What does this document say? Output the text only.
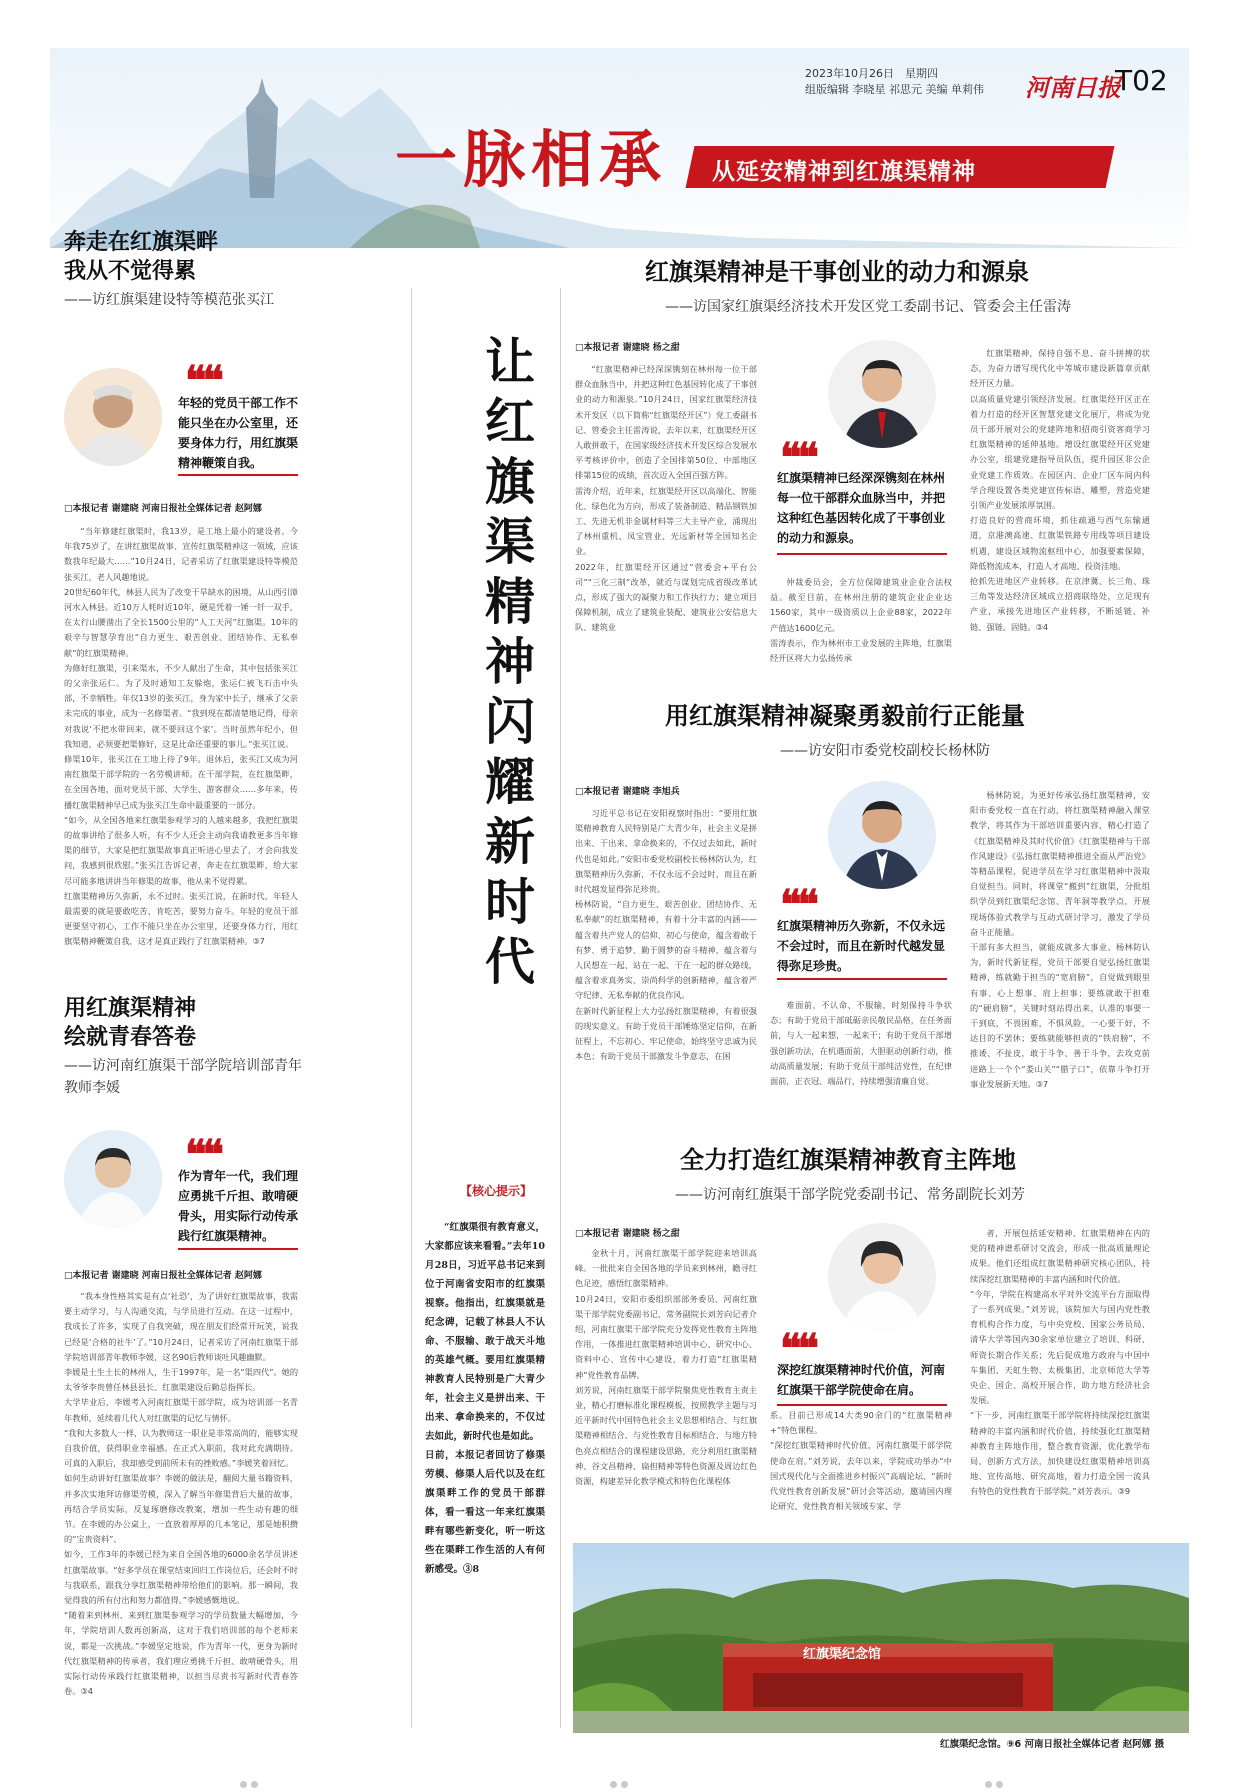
一脉相承 从延安精神到红旗渠精神
2023年10月26日　星期四
组版编辑 李晓星 祁思元 美编 单莉伟 河南日报
T02
奔走在红旗渠畔
我从不觉得累
——访红旗渠建设特等模范张买江
❝❝
年轻的党员干部工作不能只坐在办公室里，还要身体力行，用红旗渠精神鞭策自我。
□本报记者 谢建晓 河南日报社全媒体记者 赵阿娜
“当年修建红旗渠时，我13岁，是工地上最小的建设者。今年我75岁了，在讲红旗渠故事、宣传红旗渠精神这一领域，应该数我年纪最大……”10月24日，记者采访了红旗渠建设特等模范张买江，老人风趣地说。
20世纪60年代，林县人民为了改变干旱缺水的困境，从山西引漳河水入林县。近10万人耗时近10年，硬是凭着一锤一钎一双手，在太行山腰凿出了全长1500公里的“人工天河”红旗渠。10年的艰辛与智慧孕育出“自力更生、艰苦创业、团结协作、无私奉献”的红旗渠精神。
为修好红旗渠，引来渠水，不少人献出了生命，其中包括张买江的父亲张运仁。为了及时通知工友躲炮，张运仁被飞石击中头部，不幸牺牲。年仅13岁的张买江，身为家中长子，继承了父亲未完成的事业，成为一名修渠者。“我到现在都清楚地记得，母亲对我说‘不把水带回来，就不要回这个家’。当时虽然年纪小，但我知道，必须要把渠修好，这是比命还重要的事儿。”张买江说。
修渠10年，张买江在工地上待了9年。退休后，张买江又成为河南红旗渠干部学院的一名劳模讲师。在干部学院，在红旗渠畔，在全国各地，面对党员干部、大学生、游客群众……多年来，传播红旗渠精神早已成为张买江生命中最重要的一部分。
“如今，从全国各地来红旗渠参观学习的人越来越多，我把红旗渠的故事讲给了很多人听，有不少人还会主动向我请教更多当年修渠的细节，大家是把红旗渠故事真正听进心里去了，才会向我发问，我感到很欣慰。”张买江告诉记者，奔走在红旗渠畔，给大家尽可能多地讲讲当年修渠的故事，他从来不觉得累。
红旗渠精神历久弥新，永不过时。张买江说，在新时代，年轻人最需要的就是要敢吃苦、肯吃苦，要努力奋斗。年轻的党员干部更要坚守初心，工作不能只坐在办公室里，还要身体力行，用红旗渠精神鞭策自我，这才是真正践行了红旗渠精神。③7
用红旗渠精神
绘就青春答卷
——访河南红旗渠干部学院培训部青年教师李媛
❝❝
作为青年一代，我们理应勇挑千斤担、敢啃硬骨头，用实际行动传承践行红旗渠精神。
□本报记者 谢建晓 河南日报社全媒体记者 赵阿娜
“我本身性格其实是有点‘社恐’，为了讲好红旗渠故事，我需要主动学习，与人沟通交流，与学员进行互动。在这一过程中，我成长了许多，实现了自我突破，现在朋友们经常开玩笑，说我已经是‘合格的社牛’了。”10月24日，记者采访了河南红旗渠干部学院培训部青年教师李媛，这名90后教师谈吐风趣幽默。
李媛是土生土长的林州人，生于1997年，是一名“渠四代”。她的太爷爷李贵曾任林县县长、红旗渠建设后勤总指挥长。
大学毕业后，李媛考入河南红旗渠干部学院，成为培训部一名青年教师，延续着几代人对红旗渠的记忆与情怀。
“我和大多数人一样，认为教师这一职业是非常高尚的，能够实现自我价值，获得职业幸福感。在正式入职前，我对此充满期待。可真的入职后，我却感受到前所未有的挫败感。”李媛笑着回忆。
如何生动讲好红旗渠故事？李媛的做法是，翻阅大量书籍资料，并多次实地拜访修渠劳模，深入了解当年修渠背后大量的故事，再结合学员实际，反复琢磨修改教案，增加一些生动有趣的细节。在李媛的办公桌上，一直放着厚厚的几本笔记，那是她积攒的“宝贵资料”。
如今，工作3年的李媛已经为来自全国各地的6000余名学员讲述红旗渠故事。“好多学员在课堂结束回归工作岗位后，还会时不时与我联系，跟我分享红旗渠精神带给他们的影响。那一瞬间，我觉得我的所有付出和努力都值得。”李媛感慨地说。
“随着来到林州、来到红旗渠参观学习的学员数量大幅增加，今年，学院培训人数再创新高，这对于我们培训部的每个老师来说，都是一次挑战。”李媛坚定地说，作为青年一代，更身为新时代红旗渠精神的传承者，我们理应勇挑千斤担、敢啃硬骨头，用实际行动传承践行红旗渠精神，以担当尽责书写新时代青春答卷。③4
让红旗渠精神闪耀新时代
【核心提示】
“红旗渠很有教育意义，大家都应该来看看。”去年10月28日，习近平总书记来到位于河南省安阳市的红旗渠视察。他指出，红旗渠就是纪念碑，记载了林县人不认命、不服输、敢于战天斗地的英雄气概。要用红旗渠精神教育人民特别是广大青少年，社会主义是拼出来、干出来、拿命换来的，不仅过去如此，新时代也是如此。
日前，本报记者回访了修渠劳模、修渠人后代以及在红旗渠畔工作的党员干部群体，看一看这一年来红旗渠畔有哪些新变化，听一听这些在渠畔工作生活的人有何新感受。③8
红旗渠精神是干事创业的动力和源泉
——访国家红旗渠经济技术开发区党工委副书记、管委会主任雷涛
□本报记者 谢建晓 杨之甜
“红旗渠精神已经深深镌刻在林州每一位干部群众血脉当中，并把这种红色基因转化成了干事创业的动力和源泉。”10月24日，国家红旗渠经济技术开发区（以下简称“红旗渠经开区”）党工委副书记、管委会主任雷涛说，去年以来，红旗渠经开区人敢拼敢干，在国家级经济技术开发区综合发展水平考核评价中，创造了全国排第50位、中部地区排第15位的成绩，首次迈入全国百强方阵。
雷涛介绍，近年来，红旗渠经开区以高端化、智能化、绿色化为方向，形成了装备制造、精品钢铁加工、先进无机非金属材料等三大主导产业，涌现出了林州重机、凤宝管业、光远新材等全国知名企业。
2022年，红旗渠经开区通过“营委会+平台公司”“三化三制”改革，就近与谋划完成省级改革试点，形成了强大的凝聚力和工作执行力；建立项目保障机制，成立了建筑业装配、建筑业公安信息大队、建筑业
❝❝
红旗渠精神已经深深镌刻在林州每一位干部群众血脉当中，并把这种红色基因转化成了干事创业的动力和源泉。
仲裁委员会，全方位保障建筑业企业合法权益。截至目前，在林州注册的建筑企业企业达1560家，其中一级资质以上企业88家，2022年产值达1600亿元。
雷涛表示，作为林州市工业发展的主阵地，红旗渠经开区将大力弘扬传承
红旗渠精神，保持自强不息、奋斗拼搏的状态，为奋力谱写现代化中等城市建设新篇章贡献经开区力量。
以高质量党建引领经济发展。红旗渠经开区正在着力打造的经开区智慧党建文化展厅，将成为党员干部开展对公的党建阵地和招商引资客商学习红旗渠精神的延伸基地。增设红旗渠经开区党建办公室，组建党建指导员队伍，提升园区非公企业党建工作质效。在园区内、企业厂区车间内科学合理设置各类党建宣传标语、雕塑，营造党建引领产业发展浓厚氛围。
打造良好的营商环境，抓住疏通与西气东输通道，京港澳高速、红旗渠铁路专用线等项目建设机遇，建设区域物流枢纽中心，加强要素保障，降低物流成本，打造人才高地、投资洼地。
抢抓先进地区产业转移。在京津冀、长三角、珠三角等发达经济区域成立招商联络处，立足现有产业，承接先进地区产业转移，不断延链、补链、强链、固链。③4
用红旗渠精神凝聚勇毅前行正能量
——访安阳市委党校副校长杨林防
□本报记者 谢建晓 李旭兵
习近平总书记在安阳视察时指出：“要用红旗渠精神教育人民特别是广大青少年，社会主义是拼出来、干出来、拿命换来的，不仅过去如此，新时代也是如此。”安阳市委党校副校长杨林防认为，红旗渠精神历久弥新，不仅永远不会过时，而且在新时代越发显得弥足珍贵。
杨林防说，“自力更生、艰苦创业、团结协作、无私奉献”的红旗渠精神，有着十分丰富的内涵——蕴含着共产党人的信仰、初心与使命，蕴含着敢于有梦、勇于追梦、勤于圆梦的奋斗精神，蕴含着与人民想在一起、站在一起、干在一起的群众路线，蕴含着求真务实、崇尚科学的创新精神，蕴含着严守纪律、无私奉献的优良作风。
在新时代新征程上大力弘扬红旗渠精神，有着很强的现实意义。有助于党员干部锤炼坚定信仰，在新征程上，不忘初心、牢记使命，始终坚守忠诚为民本色；有助于党员干部激发斗争意志，在困
❝❝
红旗渠精神历久弥新，不仅永远不会过时，而且在新时代越发显得弥足珍贵。
难面前，不认命、不服输，时刻保持斗争状态；有助于党员干部砥砺亲民敬民品格，在任务面前，与人一起来想，一起来干；有助于党员干部增强创新功法，在机遇面前，大胆驱动创新行动，推动高质量发展；有助于党员干部纯洁党性，在纪律面前，正衣冠、端品行，持续增强清廉自觉。
杨林防说，为更好传承弘扬红旗渠精神，安阳市委党校一直在行动，将红旗渠精神融入课堂教学，将其作为干部培训重要内容，精心打造了《红旗渠精神及其时代价值》《红旗渠精神与干部作风建设》《弘扬红旗渠精神推进全面从严治党》等精品课程，促进学员在学习红旗渠精神中汲取自觉担当。同时，将课堂“搬到”红旗渠，分批组织学员到红旗渠纪念馆、青年洞等教学点，开展现场体验式教学与互动式研讨学习，激发了学员奋斗正能量。
干部有多大担当，就能成就多大事业。杨林防认为，新时代新征程，党员干部要自觉弘扬红旗渠精神，练就勤于担当的“宽肩膀”，自觉做到眼里有事、心上想事、肩上担事；要练就敢于担难的“硬肩膀”，关键时刻站得出来，认准的事要一干到底，不畏困难，不惧风险，一心要干好，不达目的不罢休；要练就能够担责的“铁肩膀”，不推诿、不扯皮，敢于斗争、善于斗争，去攻克前进路上一个个“娄山关”“腊子口”，依靠斗争打开事业发展新天地。③7
全力打造红旗渠精神教育主阵地
——访河南红旗渠干部学院党委副书记、常务副院长刘芳
□本报记者 谢建晓 杨之甜
金秋十月，河南红旗渠干部学院迎来培训高峰。一批批来自全国各地的学员来到林州，瞻寻红色足迹，感悟红旗渠精神。
10月24日，安阳市委组织部部务委员、河南红旗渠干部学院党委副书记、常务副院长刘芳向记者介绍，河南红旗渠干部学院充分发挥党性教育主阵地作用，一体推进红旗渠精神培训中心、研究中心、资料中心、宣传中心建设，着力打造“红旗渠精神”党性教育品牌。
刘芳说，河南红旗渠干部学院聚焦党性教育主责主业，精心打磨标准化课程模板，按照教学主题与习近平新时代中国特色社会主义思想相结合、与红旗渠精神相结合、与党性教育目标相结合、与地方特色亮点相结合的课程建设思路，充分利用红旗渠精神、谷文昌精神、扁担精神等特色资源及周边红色资源，构建差异化教学模式和特色化课程体
❝❝
深挖红旗渠精神时代价值，河南红旗渠干部学院使命在肩。
系。目前已形成14大类90余门的“红旗渠精神+”特色课程。
“深挖红旗渠精神时代价值，河南红旗渠干部学院使命在肩。”刘芳说，去年以来，学院成功举办“中国式现代化与全面推进乡村振兴”高端论坛、“新时代党性教育创新发展”研讨会等活动，邀请国内理论研究、党性教育相关领域专家、学
者，开展包括延安精神、红旗渠精神在内的党的精神谱系研讨交流会，形成一批高质量理论成果。他们还组成红旗渠精神研究核心团队，持续深挖红旗渠精神的丰富内涵和时代价值。
“今年，学院在构建高水平对外交流平台方面取得了一系列成果。”刘芳说，该院加大与国内党性教育机构合作力度，与中央党校、国家公务员局、清华大学等国内30余家单位建立了培训、科研、师资长期合作关系；先后促成地方政府与中国中车集团、天虹生物、太极集团、北京师范大学等央企、国企、高校开展合作，助力地方经济社会发展。
“下一步，河南红旗渠干部学院将持续深挖红旗渠精神的丰富内涵和时代价值，持续强化红旗渠精神教育主阵地作用，整合教育资源，优化教学布局，创新方式方法，加快建设红旗渠精神培训高地、宣传高地、研究高地，着力打造全国一流具有特色的党性教育干部学院。”刘芳表示。③9
红旗渠纪念馆
红旗渠纪念馆。⑨6 河南日报社全媒体记者 赵阿娜 摄
